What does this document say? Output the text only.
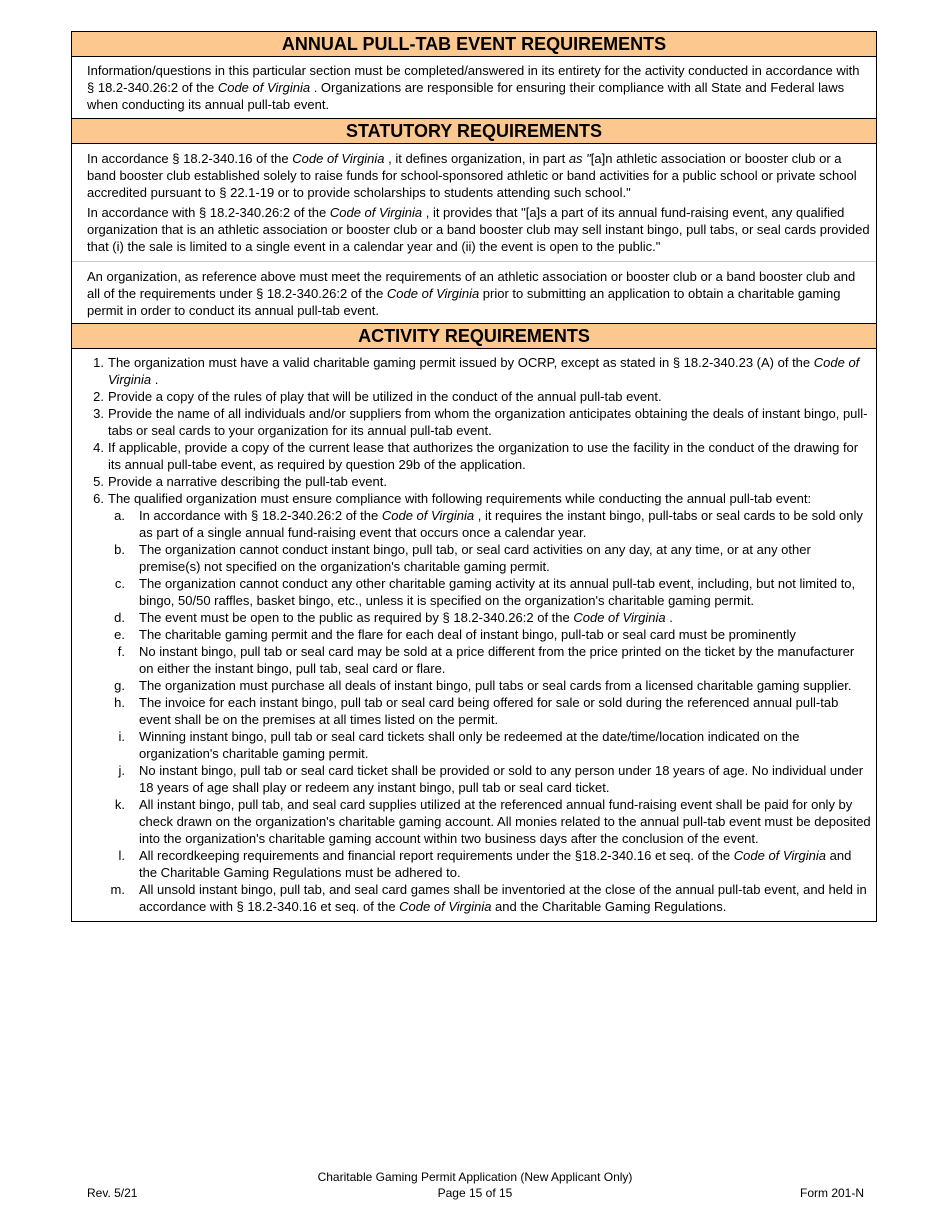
ANNUAL PULL-TAB EVENT REQUIREMENTS
Information/questions in this particular section must be completed/answered in its entirety for the activity conducted in accordance with § 18.2-340.26:2 of the Code of Virginia . Organizations are responsible for ensuring their compliance with all State and Federal laws when conducting its annual pull-tab event.
STATUTORY REQUIREMENTS
In accordance § 18.2-340.16 of the Code of Virginia , it defines organization, in part as "[a]n athletic association or booster club or a band booster club established solely to raise funds for school-sponsored athletic or band activities for a public school or private school accredited pursuant to § 22.1-19 or to provide scholarships to students attending such school."
In accordance with § 18.2-340.26:2 of the Code of Virginia , it provides that "[a]s a part of its annual fund-raising event, any qualified organization that is an athletic association or booster club or a band booster club may sell instant bingo, pull tabs, or seal cards provided that (i) the sale is limited to a single event in a calendar year and (ii) the event is open to the public."
An organization, as reference above must meet the requirements of an athletic association or booster club or a band booster club and all of the requirements under § 18.2-340.26:2 of the Code of Virginia prior to submitting an application to obtain a charitable gaming permit in order to conduct its annual pull-tab event.
ACTIVITY REQUIREMENTS
1. The organization must have a valid charitable gaming permit issued by OCRP, except as stated in § 18.2-340.23 (A) of the Code of Virginia .
2. Provide a copy of the rules of play that will be utilized in the conduct of the annual pull-tab event.
3. Provide the name of all individuals and/or suppliers from whom the organization anticipates obtaining the deals of instant bingo, pull-tabs or seal cards to your organization for its annual pull-tab event.
4. If applicable, provide a copy of the current lease that authorizes the organization to use the facility in the conduct of the drawing for its annual pull-tabe event, as required by question 29b of the application.
5. Provide a narrative describing the pull-tab event.
6. The qualified organization must ensure compliance with following requirements while conducting the annual pull-tab event:
a.	In accordance with § 18.2-340.26:2 of the Code of Virginia , it requires the instant bingo, pull-tabs or seal cards to be sold only as part of a single annual fund-raising event that occurs once a calendar year.
b.	The organization cannot conduct instant bingo, pull tab, or seal card activities on any day, at any time, or at any other premise(s) not specified on the organization's charitable gaming permit.
c.	The organization cannot conduct any other charitable gaming activity at its annual pull-tab event, including, but not limited to, bingo, 50/50 raffles, basket bingo, etc., unless it is specified on the organization's charitable gaming permit.
d.	The event must be open to the public as required by § 18.2-340.26:2 of the Code of Virginia .
e.	The charitable gaming permit and the flare for each deal of instant bingo, pull-tab or seal card must be prominently
f.	No instant bingo, pull tab or seal card may be sold at a price different from the price printed on the ticket by the manufacturer on either the instant bingo, pull tab, seal card or flare.
g.	The organization must purchase all deals of instant bingo, pull tabs or seal cards from a licensed charitable gaming supplier.
h.	The invoice for each instant bingo, pull tab or seal card being offered for sale or sold during the referenced annual pull-tab event shall be on the premises at all times listed on the permit.
i.	Winning instant bingo, pull tab or seal card tickets shall only be redeemed at the date/time/location indicated on the organization's charitable gaming permit.
j.	No instant bingo, pull tab or seal card ticket shall be provided or sold to any person under 18 years of age. No individual under 18 years of age shall play or redeem any instant bingo, pull tab or seal card ticket.
k.	All instant bingo, pull tab, and seal card supplies utilized at the referenced annual fund-raising event shall be paid for only by check drawn on the organization's charitable gaming account. All monies related to the annual pull-tab event must be deposited into the organization's charitable gaming account within two business days after the conclusion of the event.
l.	All recordkeeping requirements and financial report requirements under the §18.2-340.16 et seq. of the Code of Virginia and the Charitable Gaming Regulations must be adhered to.
m.	All unsold instant bingo, pull tab, and seal card games shall be inventoried at the close of the annual pull-tab event, and held in accordance with § 18.2-340.16 et seq. of the Code of Virginia and the Charitable Gaming Regulations.
Charitable Gaming Permit Application (New Applicant Only)
Page 15 of 15
Rev. 5/21	Form 201-N
